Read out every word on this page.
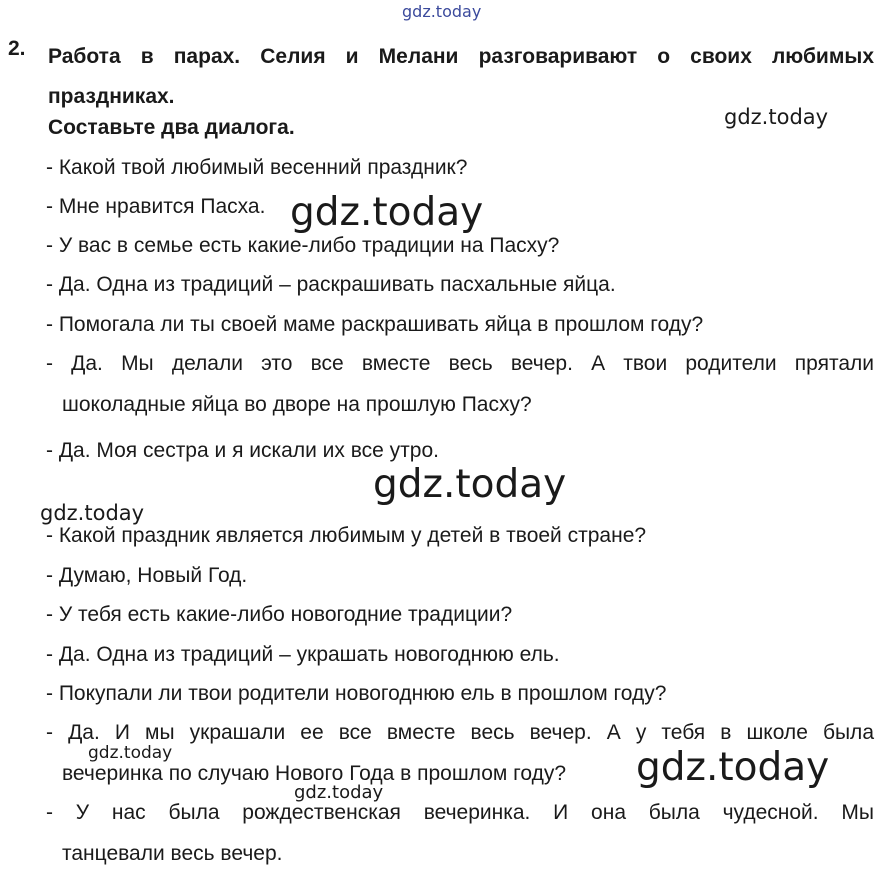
gdz.today
gdz.today
gdz.today
gdz.today
gdz.today
gdz.today	gdz.today
gdz.today
2. Работа в парах. Селия и Мелани разговаривают о своих любимых праздниках.
Составьте два диалога.
- Какой твой любимый весенний праздник?
- Мне нравится Пасха.
- У вас в семье есть какие-либо традиции на Пасху?
- Да. Одна из традиций – раскрашивать пасхальные яйца.
- Помогала ли ты своей маме раскрашивать яйца в прошлом году?
- Да. Мы делали это все вместе весь вечер. А твои родители прятали
шоколадные яйца во дворе на прошлую Пасху?
- Да. Моя сестра и я искали их все утро.
- Какой праздник является любимым у детей в твоей стране?
- Думаю, Новый Год.
- У тебя есть какие-либо новогодние традиции?
- Да. Одна из традиций – украшать новогоднюю ель.
- Покупали ли твои родители новогоднюю ель в прошлом году?
- Да. И мы украшали ее все вместе весь вечер. А у тебя в школе была
вечеринка по случаю Нового Года в прошлом году?
- У нас была рождественская вечеринка. И она была чудесной. Мы
танцевали весь вечер.
